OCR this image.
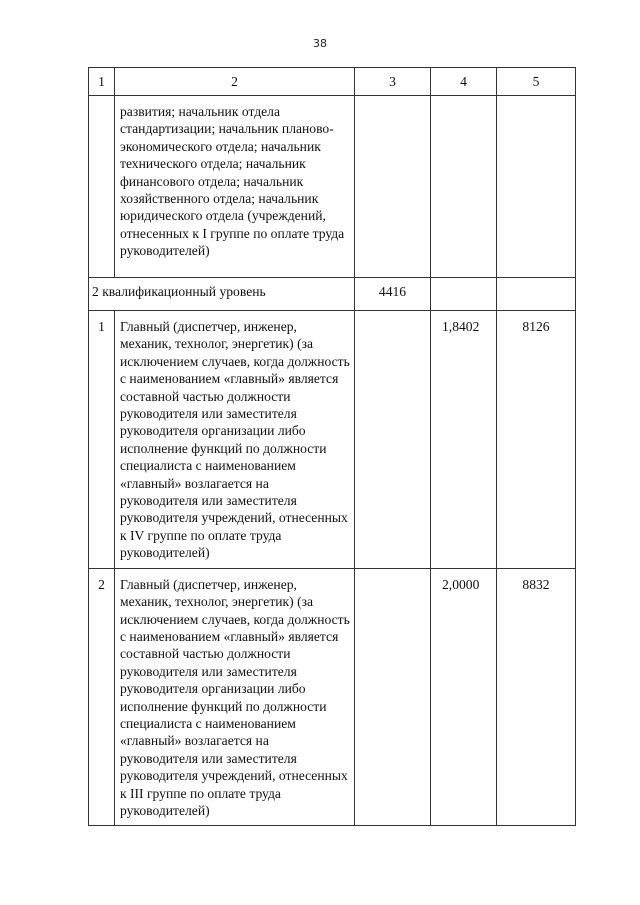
38
1	2	3	4	5
	развития; начальник отдела стандартизации; начальник планово-экономического отдела; начальник технического отдела; начальник финансового отдела; начальник хозяйственного отдела; начальник юридического отдела (учреждений, отнесенных к I группе по оплате труда руководителей)			
2 квалификационный уровень		4416		
1	Главный (диспетчер, инженер, механик, технолог, энергетик) (за исключением случаев, когда должность с наименованием «главный» является составной частью должности руководителя или заместителя руководителя организации либо исполнение функций по должности специалиста с наименованием «главный» возлагается на руководителя или заместителя руководителя учреждений, отнесенных к IV группе по оплате труда руководителей)		1,8402	8126
2	Главный (диспетчер, инженер, механик, технолог, энергетик) (за исключением случаев, когда должность с наименованием «главный» является составной частью должности руководителя или заместителя руководителя организации либо исполнение функций по должности специалиста с наименованием «главный» возлагается на руководителя или заместителя руководителя учреждений, отнесенных к III группе по оплате труда руководителей)		2,0000	8832
